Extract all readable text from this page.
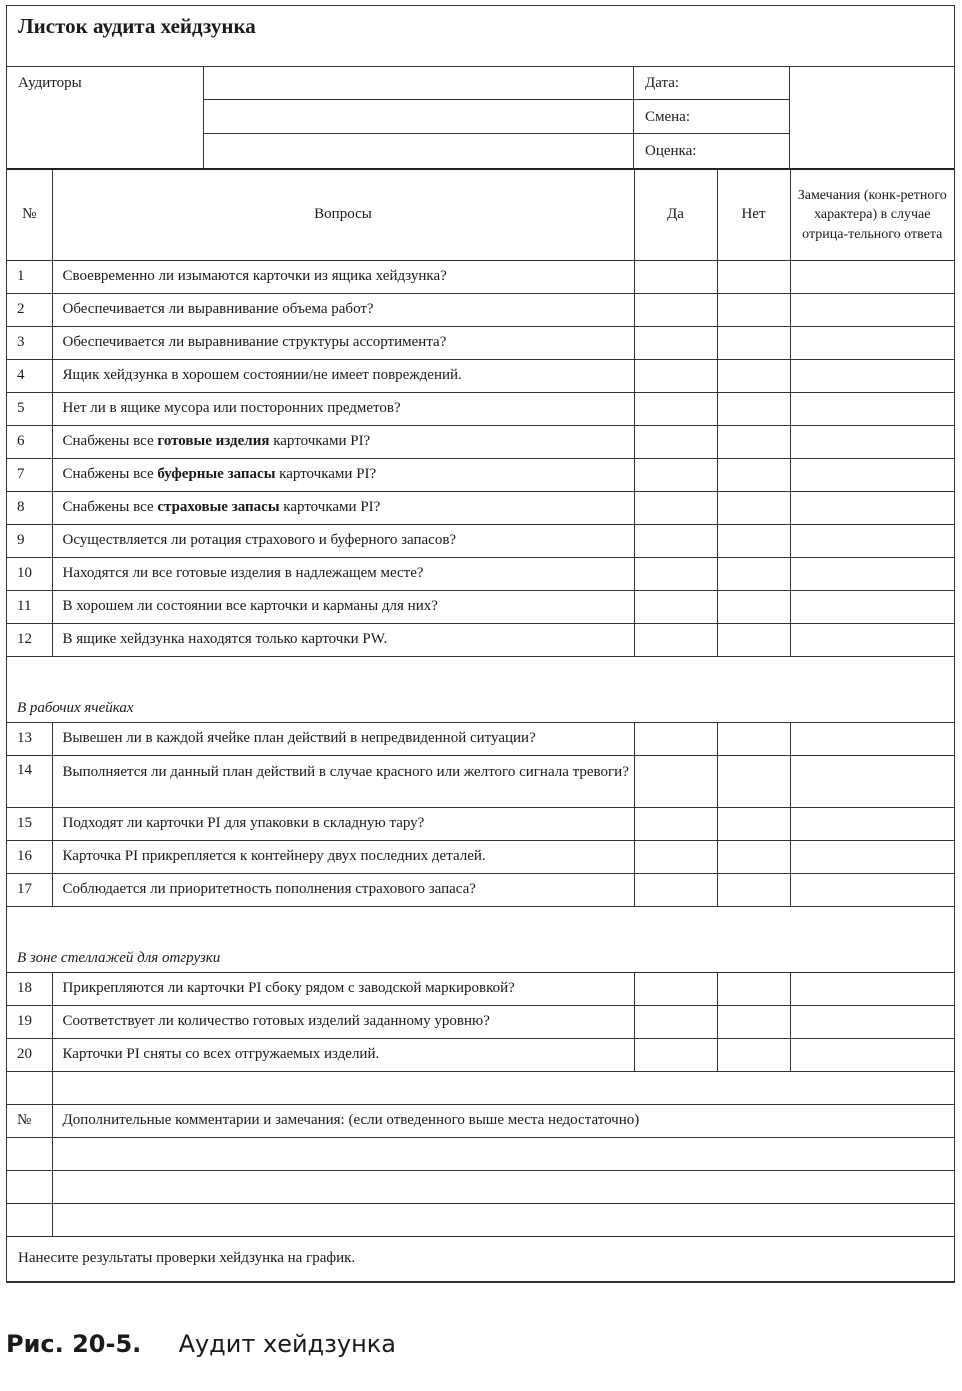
Листок аудита хейдзунка
Аудиторы	Дата:
Смена:
Оценка:
№	Вопросы	Да	Нет	Замечания (конк-ретного характера) в случае отрица-тельного ответа
1	Своевременно ли изымаются карточки из ящика хейдзунка?			
2	Обеспечивается ли выравнивание объема работ?			
3	Обеспечивается ли выравнивание структуры ассортимента?			
4	Ящик хейдзунка в хорошем состоянии/не имеет повреждений.			
5	Нет ли в ящике мусора или посторонних предметов?			
6	Снабжены все готовые изделия карточками PI?			
7	Снабжены все буферные запасы карточками PI?			
8	Снабжены все страховые запасы карточками PI?			
9	Осуществляется ли ротация страхового и буферного запасов?			
10	Находятся ли все готовые изделия в надлежащем месте?			
11	В хорошем ли состоянии все карточки и карманы для них?			
12	В ящике хейдзунка находятся только карточки PW.			
В рабочих ячейках				
13	Вывешен ли в каждой ячейке план действий в непредвиденной ситуации?			
14	Выполняется ли данный план действий в случае красного или желтого сигнала тревоги?			
15	Подходят ли карточки PI для упаковки в складную тару?			
16	Карточка PI прикрепляется к контейнеру двух последних деталей.			
17	Соблюдается ли приоритетность пополнения страхового запаса?			
В зоне стеллажей для отгрузки				
18	Прикрепляются ли карточки PI сбоку рядом с заводской маркировкой?			
19	Соответствует ли количество готовых изделий заданному уровню?			
20	Карточки PI сняты со всех отгружаемых изделий.			

№	Дополнительные комментарии и замечания: (если отведенного выше места недостаточно)			

Нанесите результаты проверки хейдзунка на график.				
Рис. 20-5. Аудит хейдзунка
